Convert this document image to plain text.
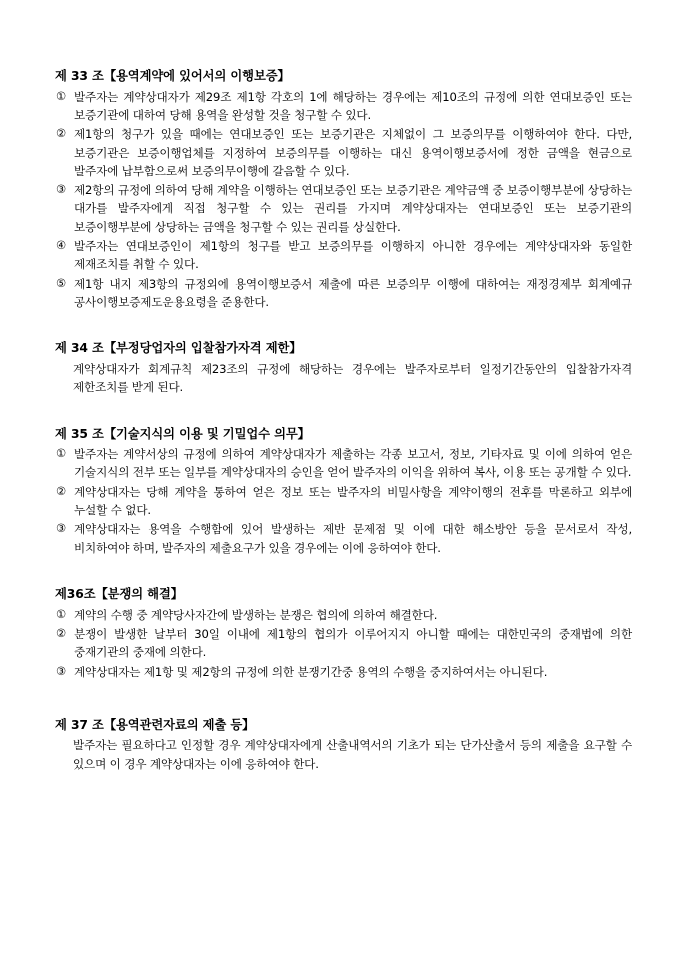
제 33 조【용역계약에 있어서의 이행보증】
① 발주자는 계약상대자가 제29조 제1항 각호의 1에 해당하는 경우에는 제10조의 규정에 의한 연대보증인 또는 보증기관에 대하여 당해 용역을 완성할 것을 청구할 수 있다.
② 제1항의 청구가 있을 때에는 연대보증인 또는 보증기관은 지체없이 그 보증의무를 이행하여야 한다. 다만, 보증기관은 보증이행업체를 지정하여 보증의무를 이행하는 대신 용역이행보증서에 정한 금액을 현금으로 발주자에 납부함으로써 보증의무이행에 갈음할 수 있다.
③ 제2항의 규정에 의하여 당해 계약을 이행하는 연대보증인 또는 보증기관은 계약금액 중 보증이행부분에 상당하는 대가를 발주자에게 직접 청구할 수 있는 권리를 가지며 계약상대자는 연대보증인 또는 보증기관의 보증이행부분에 상당하는 금액을 청구할 수 있는 권리를 상실한다.
④ 발주자는 연대보증인이 제1항의 청구를 받고 보증의무를 이행하지 아니한 경우에는 계약상대자와 동일한 제재조치를 취할 수 있다.
⑤ 제1항 내지 제3항의 규정외에 용역이행보증서 제출에 따른 보증의무 이행에 대하여는 재정경제부 회계예규 공사이행보증제도운용요령을 준용한다.
제 34 조【부정당업자의 입찰참가자격 제한】
계약상대자가 회계규칙 제23조의 규정에 해당하는 경우에는 발주자로부터 일정기간동안의 입찰참가자격 제한조치를 받게 된다.
제 35 조【기술지식의 이용 및 기밀업수 의무】
① 발주자는 계약서상의 규정에 의하여 계약상대자가 제출하는 각종 보고서, 정보, 기타자료 및 이에 의하여 얻은 기술지식의 전부 또는 일부를 계약상대자의 승인을 얻어 발주자의 이익을 위하여 복사, 이용 또는 공개할 수 있다.
② 계약상대자는 당해 계약을 통하여 얻은 정보 또는 발주자의 비밀사항을 계약이행의 전후를 막론하고 외부에 누설할 수 없다.
③ 계약상대자는 용역을 수행함에 있어 발생하는 제반 문제점 및 이에 대한 해소방안 등을 문서로서 작성, 비치하여야 하며, 발주자의 제출요구가 있을 경우에는 이에 응하여야 한다.
제36조【분쟁의 해결】
① 계약의 수행 중 계약당사자간에 발생하는 분쟁은 협의에 의하여 해결한다.
② 분쟁이 발생한 날부터 30일 이내에 제1항의 협의가 이루어지지 아니할 때에는 대한민국의 중재법에 의한 중재기관의 중재에 의한다.
③ 계약상대자는 제1항 및 제2항의 규정에 의한 분쟁기간중 용역의 수행을 중지하여서는 아니된다.
제 37 조【용역관련자료의 제출 등】
발주자는 필요하다고 인정할 경우 계약상대자에게 산출내역서의 기초가 되는 단가산출서 등의 제출을 요구할 수 있으며 이 경우 계약상대자는 이에 응하여야 한다.
